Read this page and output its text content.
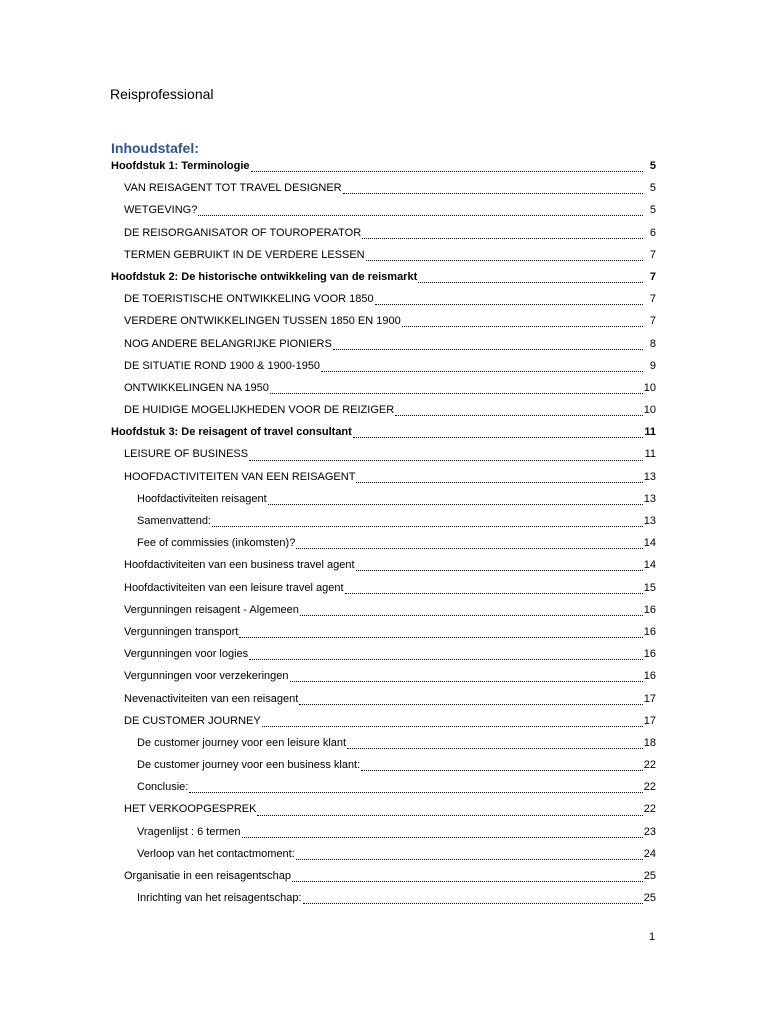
Reisprofessional
Inhoudstafel:
Hoofdstuk 1: Terminologie	5
VAN REISAGENT TOT TRAVEL DESIGNER	5
WETGEVING?	5
DE REISORGANISATOR OF TOUROPERATOR	6
TERMEN GEBRUIKT IN DE VERDERE LESSEN	7
Hoofdstuk 2: De historische ontwikkeling van de reismarkt	7
DE TOERISTISCHE ONTWIKKELING VOOR 1850	7
VERDERE ONTWIKKELINGEN TUSSEN 1850 EN 1900	7
NOG ANDERE BELANGRIJKE PIONIERS	8
DE SITUATIE ROND 1900 & 1900-1950	9
ONTWIKKELINGEN NA 1950	10
DE HUIDIGE MOGELIJKHEDEN VOOR DE REIZIGER	10
Hoofdstuk 3: De reisagent of travel consultant	11
LEISURE OF BUSINESS	11
HOOFDACTIVITEITEN VAN EEN REISAGENT	13
Hoofdactiviteiten reisagent	13
Samenvattend:	13
Fee of commissies (inkomsten)?	14
Hoofdactiviteiten van een business travel agent	14
Hoofdactiviteiten van een leisure travel agent	15
Vergunningen reisagent - Algemeen	16
Vergunningen transport	16
Vergunningen voor logies	16
Vergunningen voor verzekeringen	16
Nevenactiviteiten van een reisagent	17
DE CUSTOMER JOURNEY	17
De customer journey voor een leisure klant	18
De customer journey voor een business klant:	22
Conclusie:	22
HET VERKOOPGESPREK	22
Vragenlijst : 6 termen	23
Verloop van het contactmoment:	24
Organisatie in een reisagentschap	25
Inrichting van het reisagentschap:	25
1
